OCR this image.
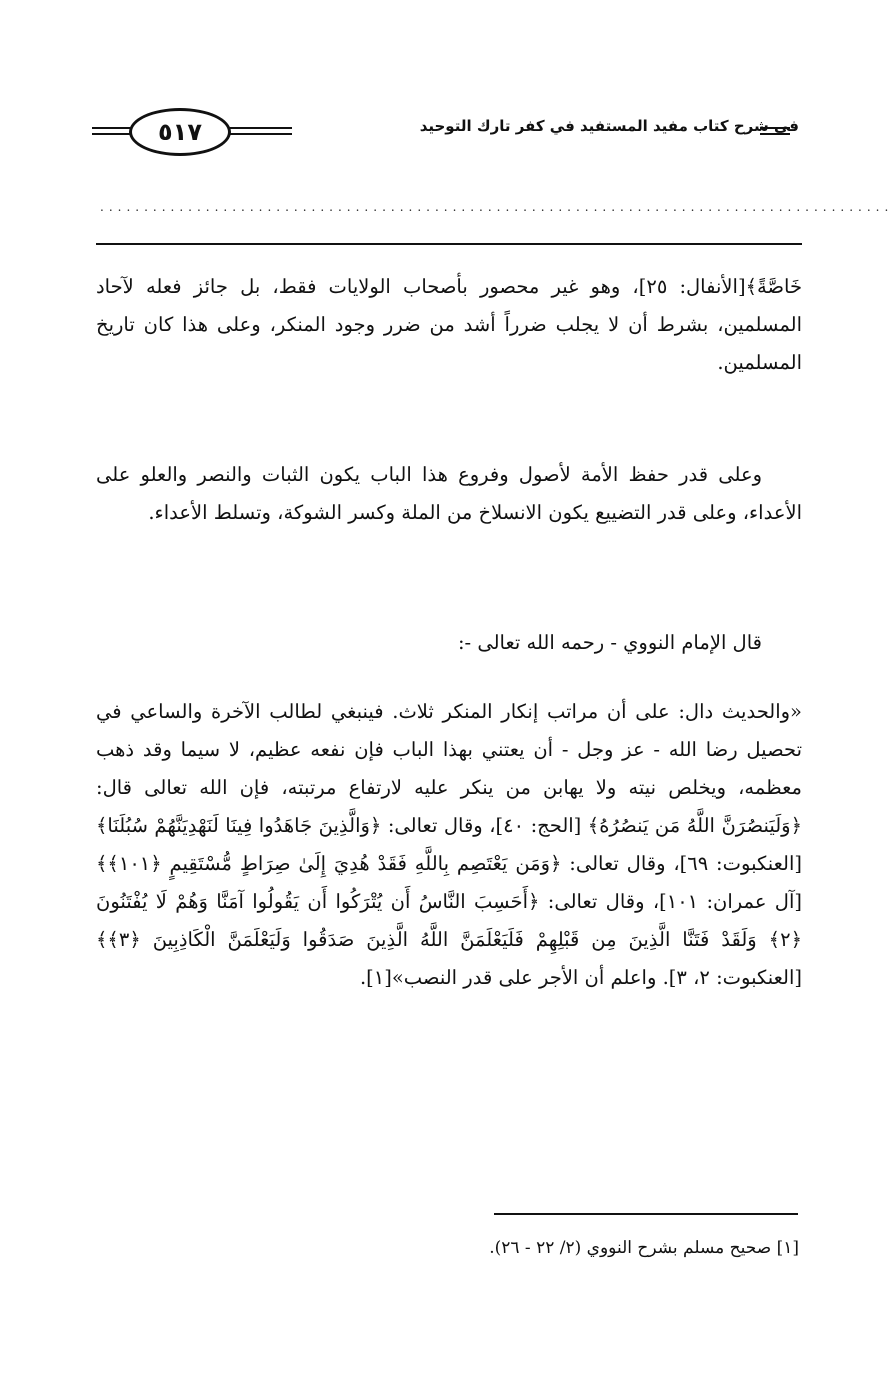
في شرح كتاب مفيد المستفيد في كفر تارك التوحيد
٥١٧
..........................................................................................

خَاصَّةً﴾[الأنفال: ٢٥]، وهو غير محصور بأصحاب الولايات فقط، بل جائز فعله لآحاد المسلمين، بشرط أن لا يجلب ضرراً أشد من ضرر وجود المنكر، وعلى هذا كان تاريخ المسلمين.

وعلى قدر حفظ الأمة لأصول وفروع هذا الباب يكون الثبات والنصر والعلو على الأعداء، وعلى قدر التضييع يكون الانسلاخ من الملة وكسر الشوكة، وتسلط الأعداء.

قال الإمام النووي - رحمه الله تعالى -:

«والحديث دال: على أن مراتب إنكار المنكر ثلاث. فينبغي لطالب الآخرة والساعي في تحصيل رضا الله - عز وجل - أن يعتني بهذا الباب فإن نفعه عظيم، لا سيما وقد ذهب معظمه، ويخلص نيته ولا يهابن من ينكر عليه لارتفاع مرتبته، فإن الله تعالى قال: ﴿وَلَيَنصُرَنَّ اللَّهُ مَن يَنصُرُهُ﴾ [الحج: ٤٠]، وقال تعالى: ﴿وَالَّذِينَ جَاهَدُوا فِينَا لَنَهْدِيَنَّهُمْ سُبُلَنَا﴾ [العنكبوت: ٦٩]، وقال تعالى: ﴿وَمَن يَعْتَصِم بِاللَّهِ فَقَدْ هُدِيَ إِلَىٰ صِرَاطٍ مُّسْتَقِيمٍ ﴿١٠١﴾﴾ [آل عمران: ١٠١]، وقال تعالى: ﴿أَحَسِبَ النَّاسُ أَن يُتْرَكُوا أَن يَقُولُوا آمَنَّا وَهُمْ لَا يُفْتَنُونَ ﴿٢﴾ وَلَقَدْ فَتَنَّا الَّذِينَ مِن قَبْلِهِمْ فَلَيَعْلَمَنَّ اللَّهُ الَّذِينَ صَدَقُوا وَلَيَعْلَمَنَّ الْكَاذِبِينَ ﴿٣﴾﴾ [العنكبوت: ٢، ٣]. واعلم أن الأجر على قدر النصب»[١].

[١] صحيح مسلم بشرح النووي (٢/ ٢٢ - ٢٦).
